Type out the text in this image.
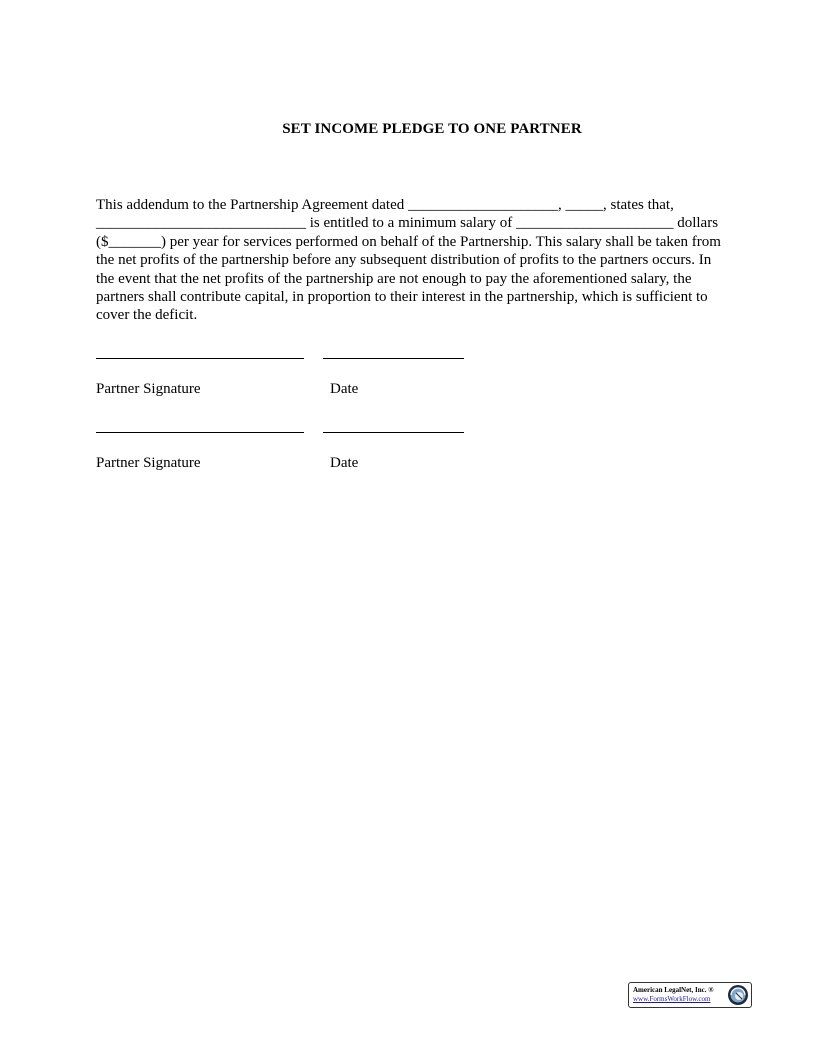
SET INCOME PLEDGE TO ONE PARTNER

This addendum to the Partnership Agreement dated ____________________, _____, states that,

____________________________ is entitled to a minimum salary of _____________________ dollars

($_______) per year for services performed on behalf of the Partnership. This salary shall be taken from

the net profits of the partnership before any subsequent distribution of profits to the partners occurs. In

the event that the net profits of the partnership are not enough to pay the aforementioned salary, the

partners shall contribute capital, in proportion to their interest in the partnership, which is sufficient to

cover the deficit.

Partner Signature	Date
Partner Signature	Date
American LegalNet, Inc. ®
www.FormsWorkFlow.com
